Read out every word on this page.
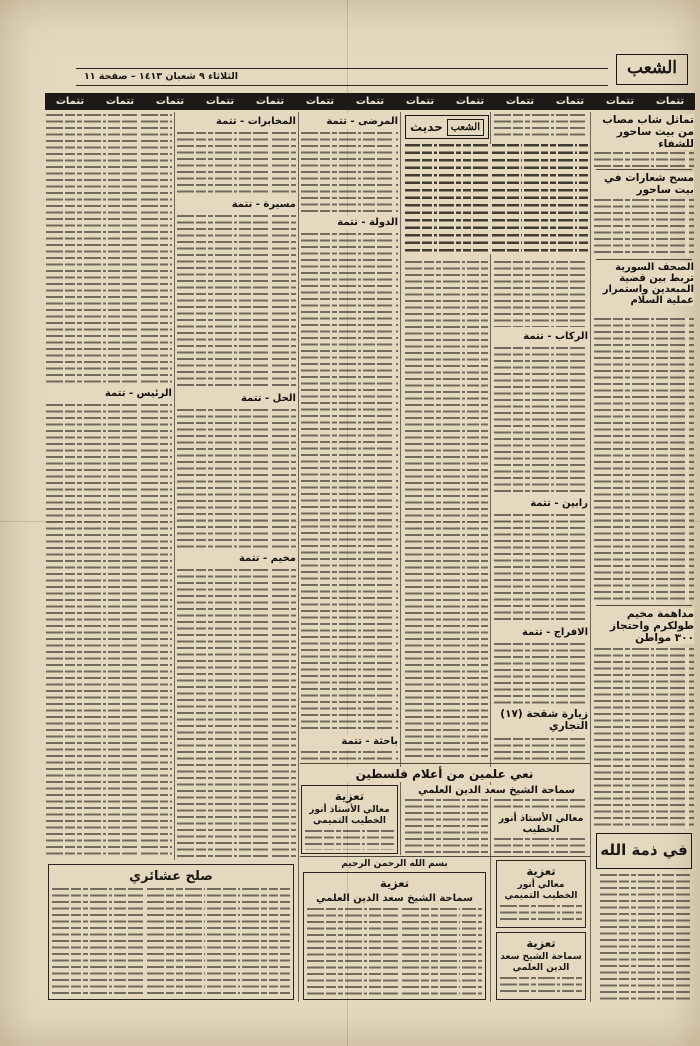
الشعب
الثلاثاء ٩ شعبان ١٤١٣ – صفحة ١١
تتمات
تتمات
تتمات
تتمات
تتمات
تتمات
تتمات
تتمات
تتمات
تتمات
تتمات
تتمات
تتمات
تماثل شاب مصاب من بيت ساحور للشفاء
مسح شعارات في بيت ساحور
الصحف السورية تربط بين قضية المبعدين واستمرار عملية السلام
مداهمة مخيم طولكرم واحتجاز ٣٠٠ مواطن
في ذمة الله
الشعب
حديث
الركاب - تتمة
رابين - تتمة
الافراج - تتمة
زيارة شقحة (١٧) التجاري
المرضى - تتمة
الدولة - تتمة
باحثة - تتمة
المخابرات - تتمة
مسيرة - تتمة
الحل - تتمة
مخيم - تتمة
الرئيس - تتمة
نعي علمين من أعلام فلسطين
سماحة الشيخ سعد الدين العلمي
معالي الأستاذ أنور الخطيب
تعزية
معالي الأستاذ أنور الخطيب التميمي
بسم الله الرحمن الرحيم
تعزية
سماحة الشيخ سعد الدين العلمي
تعزية
معالي أنور الخطيب التميمي
تعزية
سماحة الشيخ سعد الدين العلمي
صلح عشائري
